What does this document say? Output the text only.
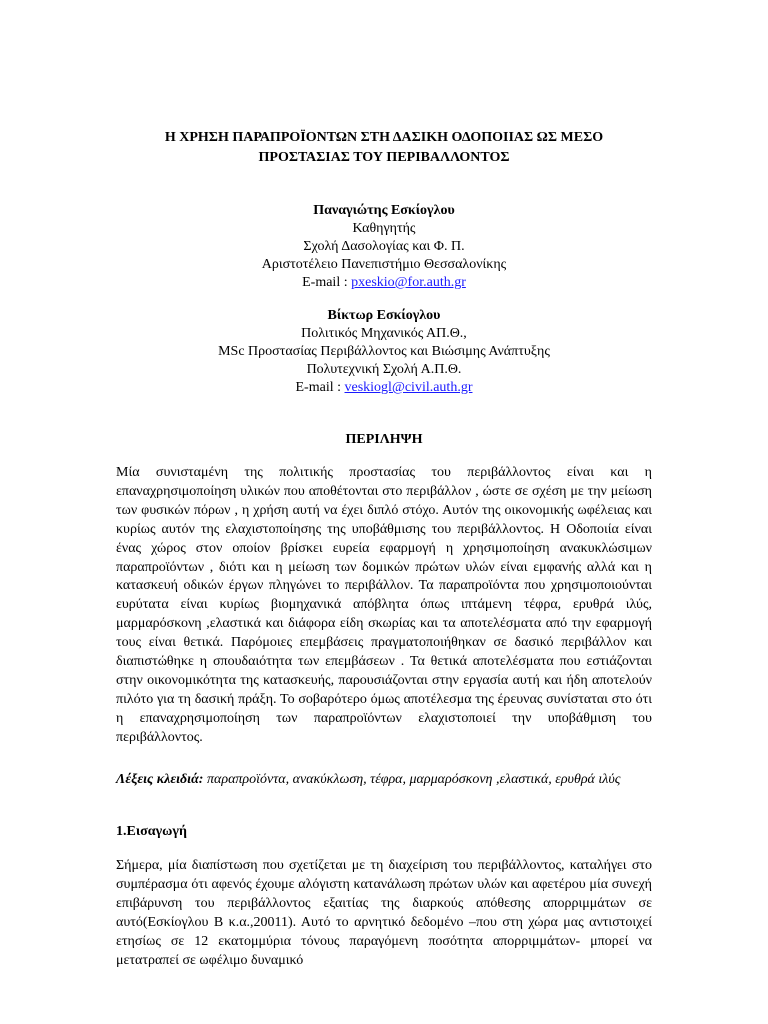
Η ΧΡΗΣΗ ΠΑΡΑΠΡΟΪΟΝΤΩΝ ΣΤΗ ΔΑΣΙΚΗ ΟΔΟΠΟΙΙΑΣ ΩΣ ΜΕΣΟ
ΠΡΟΣΤΑΣΙΑΣ ΤΟΥ ΠΕΡΙΒΑΛΛΟΝΤΟΣ
Παναγιώτης Εσκίογλου
Καθηγητής
Σχολή Δασολογίας και Φ. Π.
Αριστοτέλειο Πανεπιστήμιο Θεσσαλονίκης
E-mail : pxeskio@for.auth.gr
Βίκτωρ Εσκίογλου
Πολιτικός Μηχανικός ΑΠ.Θ.,
MSc Προστασίας Περιβάλλοντος και Βιώσιμης Ανάπτυξης
Πολυτεχνική Σχολή Α.Π.Θ.
E-mail : veskiogl@civil.auth.gr
ΠΕΡΙΛΗΨΗ
Μία συνισταμένη της πολιτικής προστασίας του περιβάλλοντος είναι και η επαναχρησιμοποίηση υλικών που αποθέτονται στο περιβάλλον , ώστε σε σχέση με την μείωση των φυσικών πόρων , η χρήση αυτή να έχει διπλό στόχο. Αυτόν της οικονομικής ωφέλειας και κυρίως αυτόν της ελαχιστοποίησης της υποβάθμισης του περιβάλλοντος. Η Οδοποιία είναι ένας χώρος στον οποίον βρίσκει ευρεία εφαρμογή η χρησιμοποίηση ανακυκλώσιμων παραπροϊόντων , διότι και η μείωση των δομικών πρώτων υλών είναι εμφανής αλλά και η κατασκευή οδικών έργων πληγώνει το περιβάλλον. Τα παραπροϊόντα που χρησιμοποιούνται ευρύτατα είναι κυρίως βιομηχανικά απόβλητα όπως ιπτάμενη τέφρα, ερυθρά ιλύς, μαρμαρόσκονη ,ελαστικά και διάφορα είδη σκωρίας και τα αποτελέσματα από την εφαρμογή τους είναι θετικά. Παρόμοιες επεμβάσεις πραγματοποιήθηκαν σε δασικό περιβάλλον και διαπιστώθηκε η σπουδαιότητα των επεμβάσεων . Τα θετικά αποτελέσματα που εστιάζονται στην οικονομικότητα της κατασκευής, παρουσιάζονται στην εργασία αυτή και ήδη αποτελούν πιλότο για τη δασική πράξη. Το σοβαρότερο όμως αποτέλεσμα της έρευνας συνίσταται στο ότι η επαναχρησιμοποίηση των παραπροϊόντων ελαχιστοποιεί την υποβάθμιση του περιβάλλοντος.
Λέξεις κλειδιά: παραπροϊόντα, ανακύκλωση, τέφρα, μαρμαρόσκονη ,ελαστικά, ερυθρά ιλύς
1.Εισαγωγή
Σήμερα, μία διαπίστωση που σχετίζεται με τη διαχείριση του περιβάλλοντος, καταλήγει στο συμπέρασμα ότι αφενός έχουμε αλόγιστη κατανάλωση πρώτων υλών και αφετέρου μία συνεχή επιβάρυνση του περιβάλλοντος εξαιτίας της διαρκούς απόθεσης απορριμμάτων σε αυτό(Εσκίογλου Β κ.α.,20011). Αυτό το αρνητικό δεδομένο –που στη χώρα μας αντιστοιχεί ετησίως σε 12 εκατομμύρια τόνους παραγόμενη ποσότητα απορριμμάτων- μπορεί να μετατραπεί σε ωφέλιμο δυναμικό
